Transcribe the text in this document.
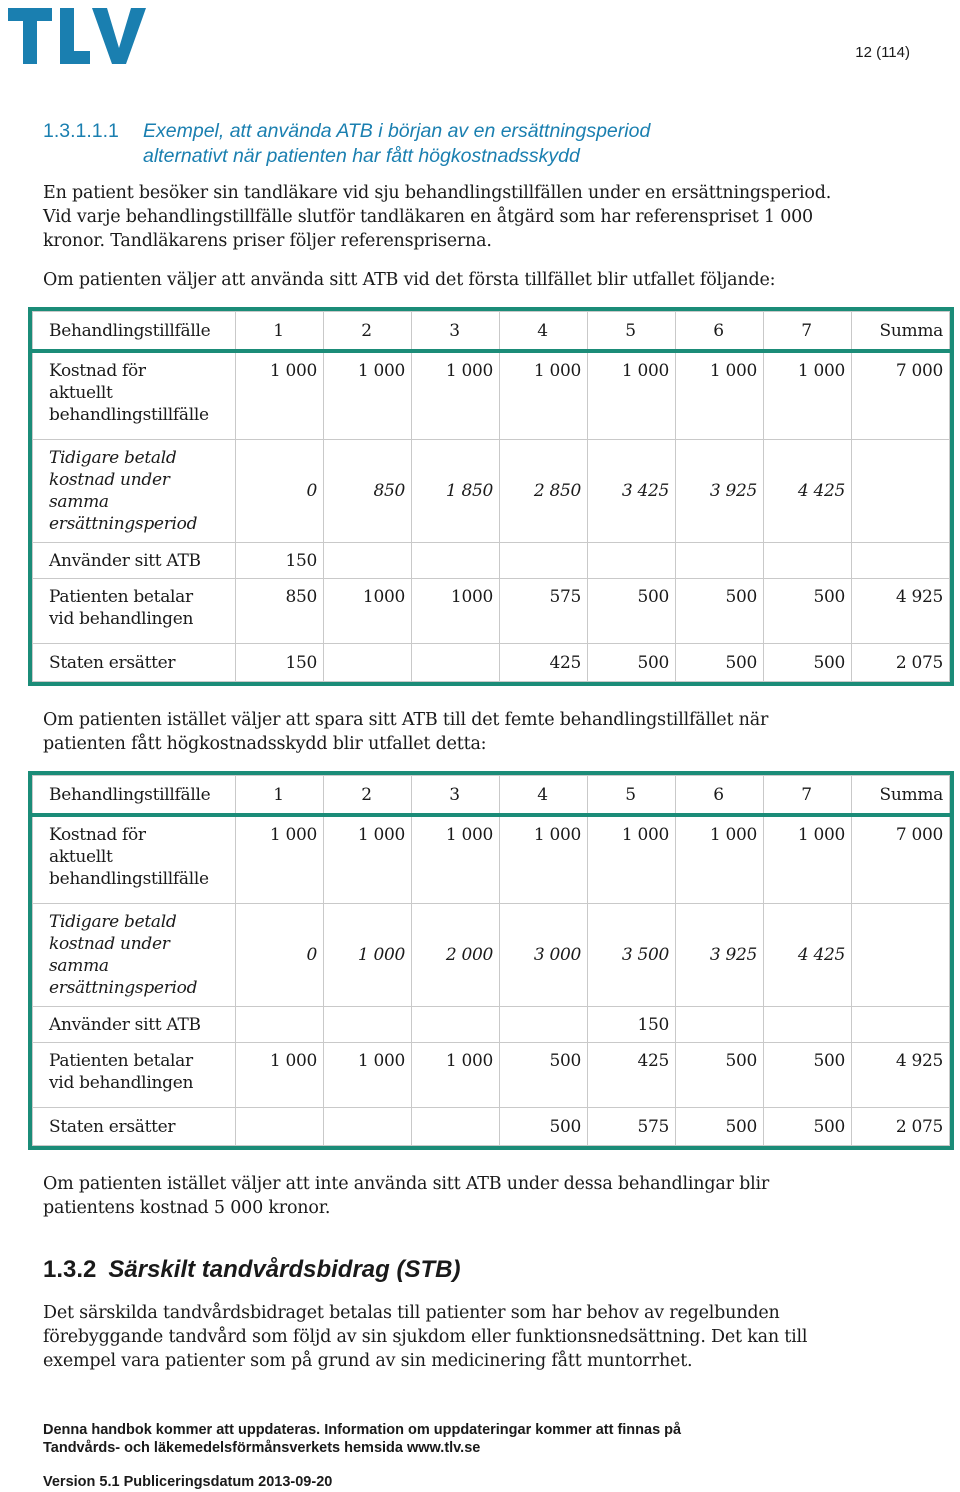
12 (114)
1.3.1.1.1 Exempel, att använda ATB i början av en ersättningsperiod
alternativt när patienten har fått högkostnadsskydd
En patient besöker sin tandläkare vid sju behandlingstillfällen under en ersättningsperiod.
Vid varje behandlingstillfälle slutför tandläkaren en åtgärd som har referenspriset 1 000
kronor. Tandläkarens priser följer referenspriserna.
Om patienten väljer att använda sitt ATB vid det första tillfället blir utfallet följande:
Behandlingstillfälle	1	2	3	4	5	6	7	Summa

Kostnad för
aktuellt
behandlingstillfälle	1 000	1 000	1 000	1 000	1 000	1 000	1 000	7 000

Tidigare betald
kostnad under
samma
ersättningsperiod	0	850	1 850	2 850	3 425	3 925	4 425	
Använder sitt ATB	150							

Patienten betalar
vid behandlingen	850	1000	1000	575	500	500	500	4 925
Staten ersätter	150			425	500	500	500	2 075
Om patienten istället väljer att spara sitt ATB till det femte behandlingstillfället när
patienten fått högkostnadsskydd blir utfallet detta:
Behandlingstillfälle	1	2	3	4	5	6	7	Summa

Kostnad för
aktuellt
behandlingstillfälle	1 000	1 000	1 000	1 000	1 000	1 000	1 000	7 000

Tidigare betald
kostnad under
samma
ersättningsperiod	0	1 000	2 000	3 000	3 500	3 925	4 425	
Använder sitt ATB					150			

Patienten betalar
vid behandlingen	1 000	1 000	1 000	500	425	500	500	4 925
Staten ersätter				500	575	500	500	2 075
Om patienten istället väljer att inte använda sitt ATB under dessa behandlingar blir
patientens kostnad 5 000 kronor.
1.3.2 Särskilt tandvårdsbidrag (STB)
Det särskilda tandvårdsbidraget betalas till patienter som har behov av regelbunden
förebyggande tandvård som följd av sin sjukdom eller funktionsnedsättning. Det kan till
exempel vara patienter som på grund av sin medicinering fått muntorrhet.
Denna handbok kommer att uppdateras. Information om uppdateringar kommer att finnas på
Tandvårds- och läkemedelsförmånsverkets hemsida www.tlv.se
Version 5.1 Publiceringsdatum 2013-09-20
